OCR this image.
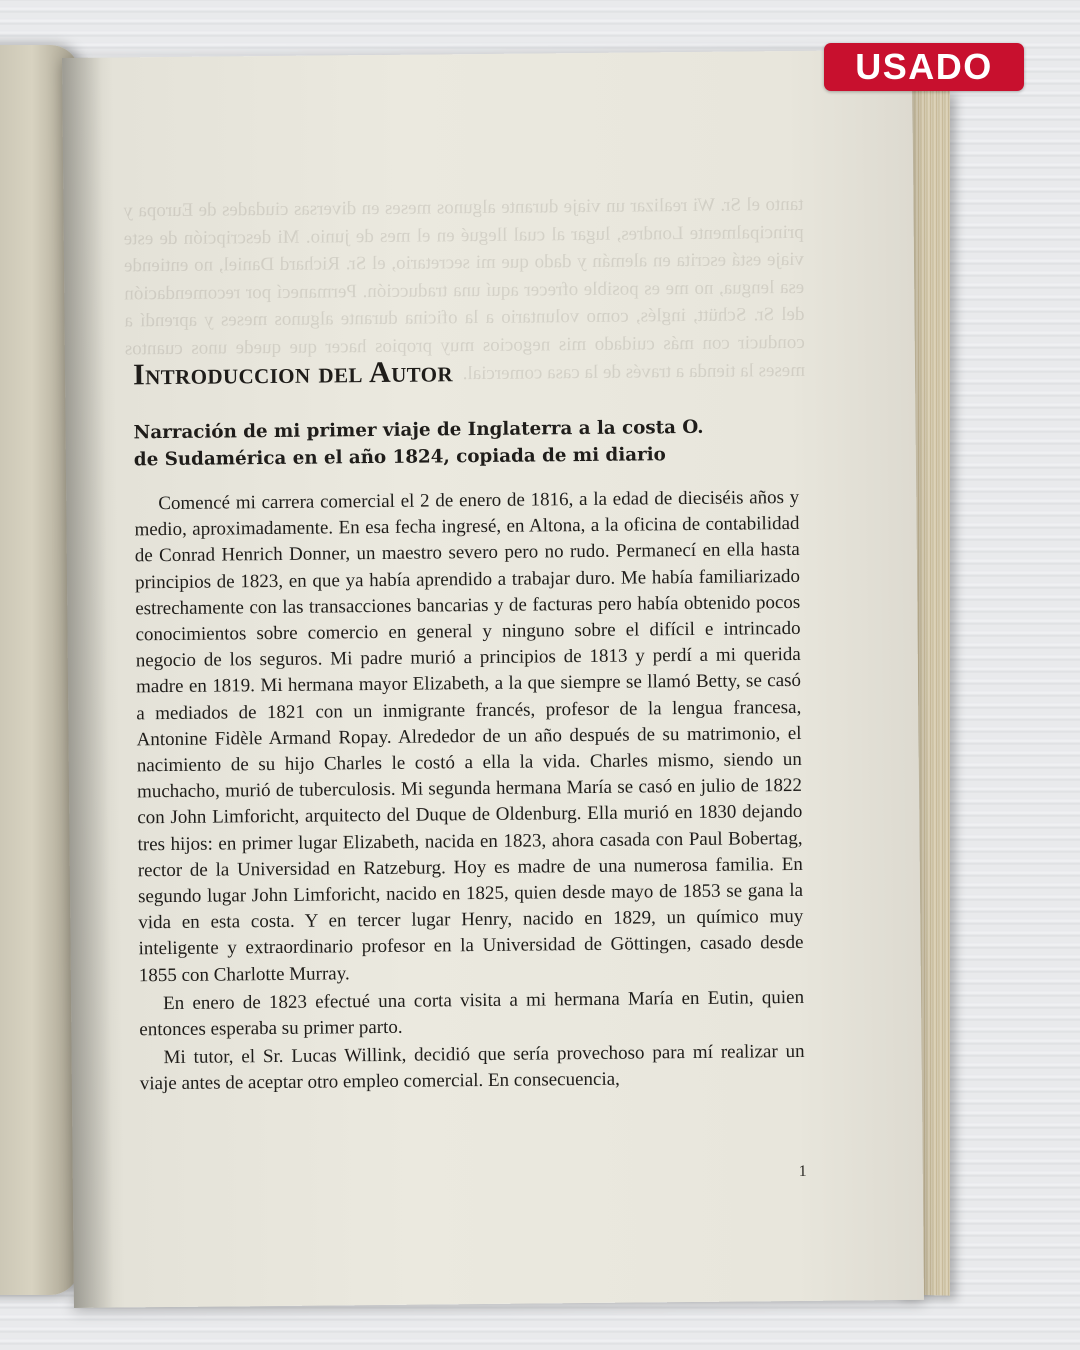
tanto el Sr. Wi realizar un viaje durante algunos meses en diversas ciudades de Europa y principalmente Londres, lugar al cual llegué en el mes de junio. Mi descripción de este viaje está escrita en alemán y dado que mi secretario, el Sr. Richard Daniel, no entiende esa lengua, no me es posible ofrecer aquí una traducción. Permanecí por recomendación del Sr. Schütt, inglés, como voluntario a la oficina durante algunos meses y aprendí a conducir con más cuidado mis negocios muy propios hacer que quede unos cuantos meses la tienda a través de la casa comercial.
Introduccion del Autor
Narración de mi primer viaje de Inglaterra a la costa O.
de Sudamérica en el año 1824, copiada de mi diario

Comencé mi carrera comercial el 2 de enero de 1816, a la edad de dieciséis años y medio, aproximadamente. En esa fecha ingresé, en Altona, a la oficina de contabilidad de Conrad Henrich Donner, un maestro severo pero no rudo. Permanecí en ella hasta principios de 1823, en que ya había aprendido a trabajar duro. Me había familiarizado estrechamente con las transacciones bancarias y de facturas pero había obtenido pocos conocimientos sobre comercio en general y ninguno sobre el difícil e intrincado negocio de los seguros. Mi padre murió a principios de 1813 y perdí a mi querida madre en 1819. Mi hermana mayor Elizabeth, a la que siempre se llamó Betty, se casó a mediados de 1821 con un inmigrante francés, profesor de la lengua francesa, Antonine Fidèle Armand Ropay. Alrededor de un año después de su matrimonio, el nacimiento de su hijo Charles le costó a ella la vida. Charles mismo, siendo un muchacho, murió de tuberculosis. Mi segunda hermana María se casó en julio de 1822 con John Limforicht, arquitecto del Duque de Oldenburg. Ella murió en 1830 dejando tres hijos: en primer lugar Elizabeth, nacida en 1823, ahora casada con Paul Bobertag, rector de la Universidad en Ratzeburg. Hoy es madre de una numerosa familia. En segundo lugar John Limforicht, nacido en 1825, quien desde mayo de 1853 se gana la vida en esta costa. Y en tercer lugar Henry, nacido en 1829, un químico muy inteligente y extraordinario profesor en la Universidad de Göttingen, casado desde 1855 con Charlotte Murray.

En enero de 1823 efectué una corta visita a mi hermana María en Eutin, quien entonces esperaba su primer parto.

Mi tutor, el Sr. Lucas Willink, decidió que sería provechoso para mí realizar un viaje antes de aceptar otro empleo comercial. En consecuencia,

1
USADO
